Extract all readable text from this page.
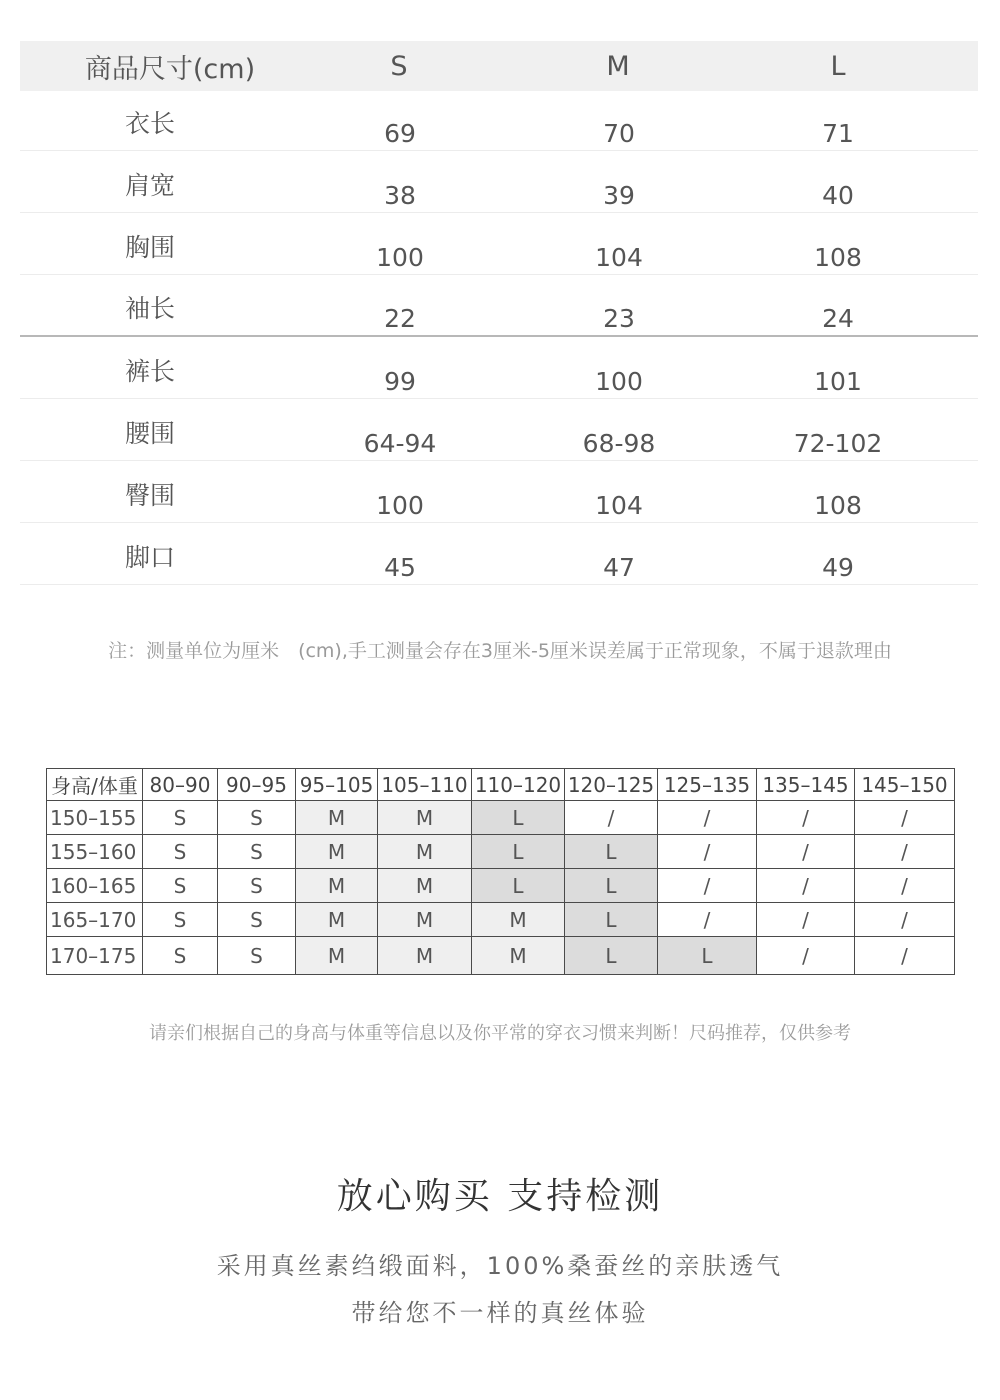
商品尺寸(cm)	S	M	L
衣长	69	70	71
肩宽	38	39	40
胸围	100	104	108
袖长	22	23	24
裤长	99	100	101
腰围	64-94	68-98	72-102
臀围	100	104	108
脚口	45	47	49
注：测量单位为厘米　(cm),手工测量会存在3厘米-5厘米误差属于正常现象，不属于退款理由
身高/体重	80–90	90–95	95–105	105–110	110–120	120–125	125–135	135–145	145–150
150–155	S	S	M	M	L	/	/	/	/
155–160	S	S	M	M	L	L	/	/	/
160–165	S	S	M	M	L	L	/	/	/
165–170	S	S	M	M	M	L	/	/	/
170–175	S	S	M	M	M	L	L	/	/
请亲们根据自己的身高与体重等信息以及你平常的穿衣习惯来判断！尺码推荐，仅供参考
放心购买 支持检测
采用真丝素绉缎面料，100%桑蚕丝的亲肤透气
带给您不一样的真丝体验
